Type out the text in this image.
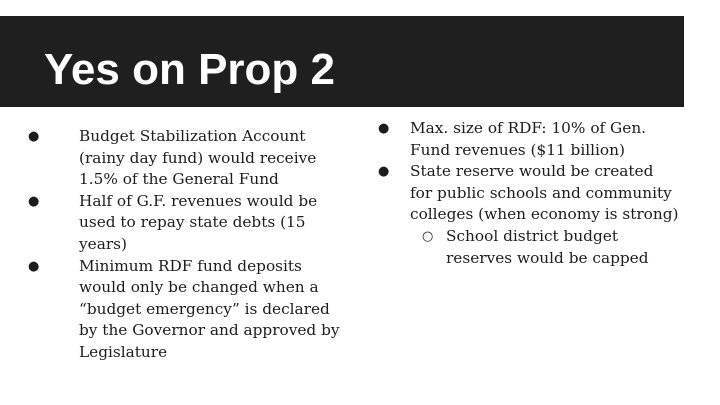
Yes on Prop 2
●	Budget Stabilization Account (rainy day fund) would receive 1.5% of the General Fund
●	Half of G.F. revenues would be used to repay state debts (15 years)
●	Minimum RDF fund deposits would only be changed when a “budget emergency” is declared by the Governor and approved by Legislature
●	Max. size of RDF: 10% of Gen. Fund revenues ($11 billion)
●	State reserve would be created for public schools and community colleges (when economy is strong)
○ School district budget reserves would be capped
